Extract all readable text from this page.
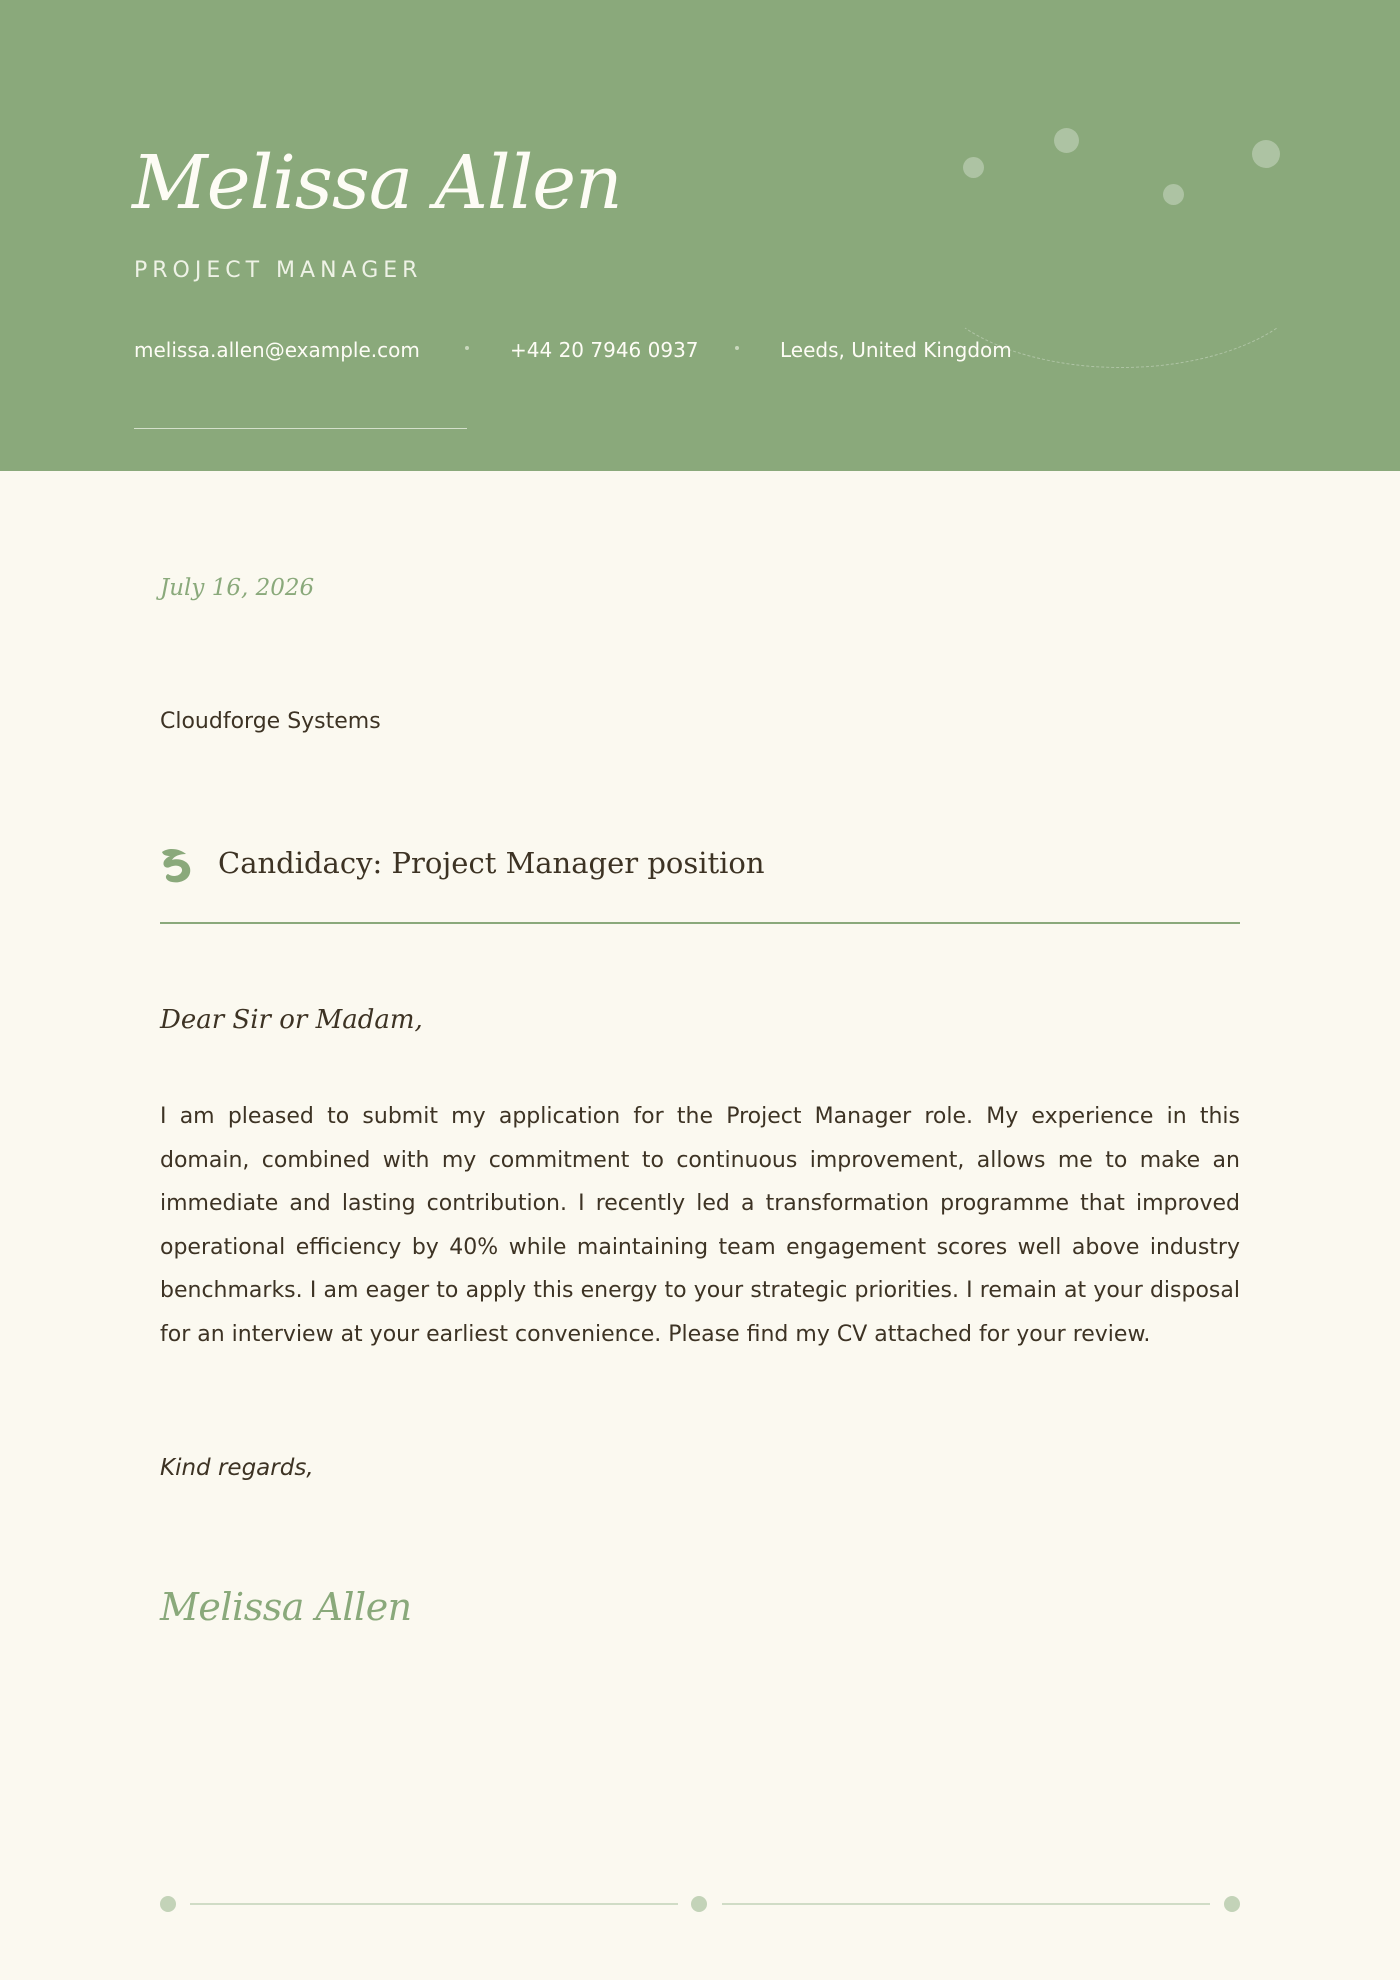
Melissa Allen
PROJECT MANAGER
melissa.allen@example.com	+44 20 7946 0937	Leeds, United Kingdom
July 16, 2026
Cloudforge Systems
Candidacy: Project Manager position
Dear Sir or Madam,

I am pleased to submit my application for the Project Manager role. My experience in this domain, combined with my commitment to continuous improvement, allows me to make an immediate and lasting contribution. I recently led a transformation programme that improved operational efficiency by 40% while maintaining team engagement scores well above industry benchmarks. I am eager to apply this energy to your strategic priorities. I remain at your disposal for an interview at your earliest convenience. Please find my CV attached for your review.

Kind regards,
Melissa Allen
